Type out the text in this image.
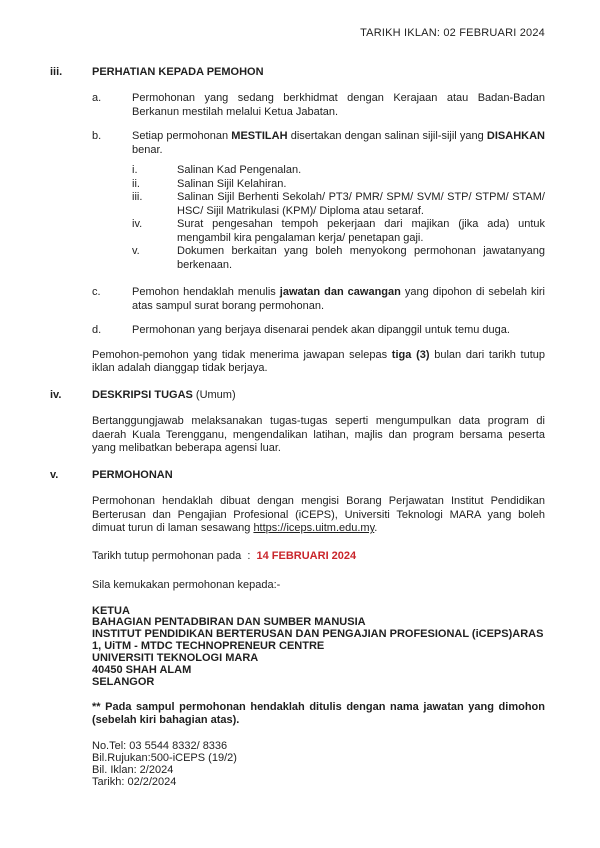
TARIKH IKLAN: 02 FEBRUARI 2024
iii.	PERHATIAN KEPADA PEMOHON
a.	Permohonan yang sedang berkhidmat dengan Kerajaan atau Badan-Badan Berkanun mestilah melalui Ketua Jabatan.
b.	Setiap permohonan MESTILAH disertakan dengan salinan sijil-sijil yang DISAHKAN benar.
i.	Salinan Kad Pengenalan.
ii.	Salinan Sijil Kelahiran.
iii.	Salinan Sijil Berhenti Sekolah/ PT3/ PMR/ SPM/ SVM/ STP/ STPM/ STAM/ HSC/ Sijil Matrikulasi (KPM)/ Diploma atau setaraf.
iv.	Surat pengesahan tempoh pekerjaan dari majikan (jika ada) untuk mengambil kira pengalaman kerja/ penetapan gaji.
v.	Dokumen berkaitan yang boleh menyokong permohonan jawatanyang berkenaan.
c.	Pemohon hendaklah menulis jawatan dan cawangan yang dipohon di sebelah kiri atas sampul surat borang permohonan.
d.	Permohonan yang berjaya disenarai pendek akan dipanggil untuk temu duga.
Pemohon-pemohon yang tidak menerima jawapan selepas tiga (3) bulan dari tarikh tutup iklan adalah dianggap tidak berjaya.
iv.	DESKRIPSI TUGAS (Umum)
Bertanggungjawab melaksanakan tugas-tugas seperti mengumpulkan data program di daerah Kuala Terengganu, mengendalikan latihan, majlis dan program bersama peserta yang melibatkan beberapa agensi luar.
v.	PERMOHONAN
Permohonan hendaklah dibuat dengan mengisi Borang Perjawatan Institut Pendidikan Berterusan dan Pengajian Profesional (iCEPS), Universiti Teknologi MARA yang boleh dimuat turun di laman sesawang https://iceps.uitm.edu.my.
Tarikh tutup permohonan pada  :  14 FEBRUARI 2024
Sila kemukakan permohonan kepada:-
KETUA
BAHAGIAN PENTADBIRAN DAN SUMBER MANUSIA
INSTITUT PENDIDIKAN BERTERUSAN DAN PENGAJIAN PROFESIONAL (iCEPS)ARAS
1, UiTM - MTDC TECHNOPRENEUR CENTRE
UNIVERSITI TEKNOLOGI MARA
40450 SHAH ALAM
SELANGOR
** Pada sampul permohonan hendaklah ditulis dengan nama jawatan yang dimohon (sebelah kiri bahagian atas).
No.Tel: 03 5544 8332/ 8336
Bil.Rujukan:500-iCEPS (19/2)
Bil. Iklan: 2/2024
Tarikh: 02/2/2024
